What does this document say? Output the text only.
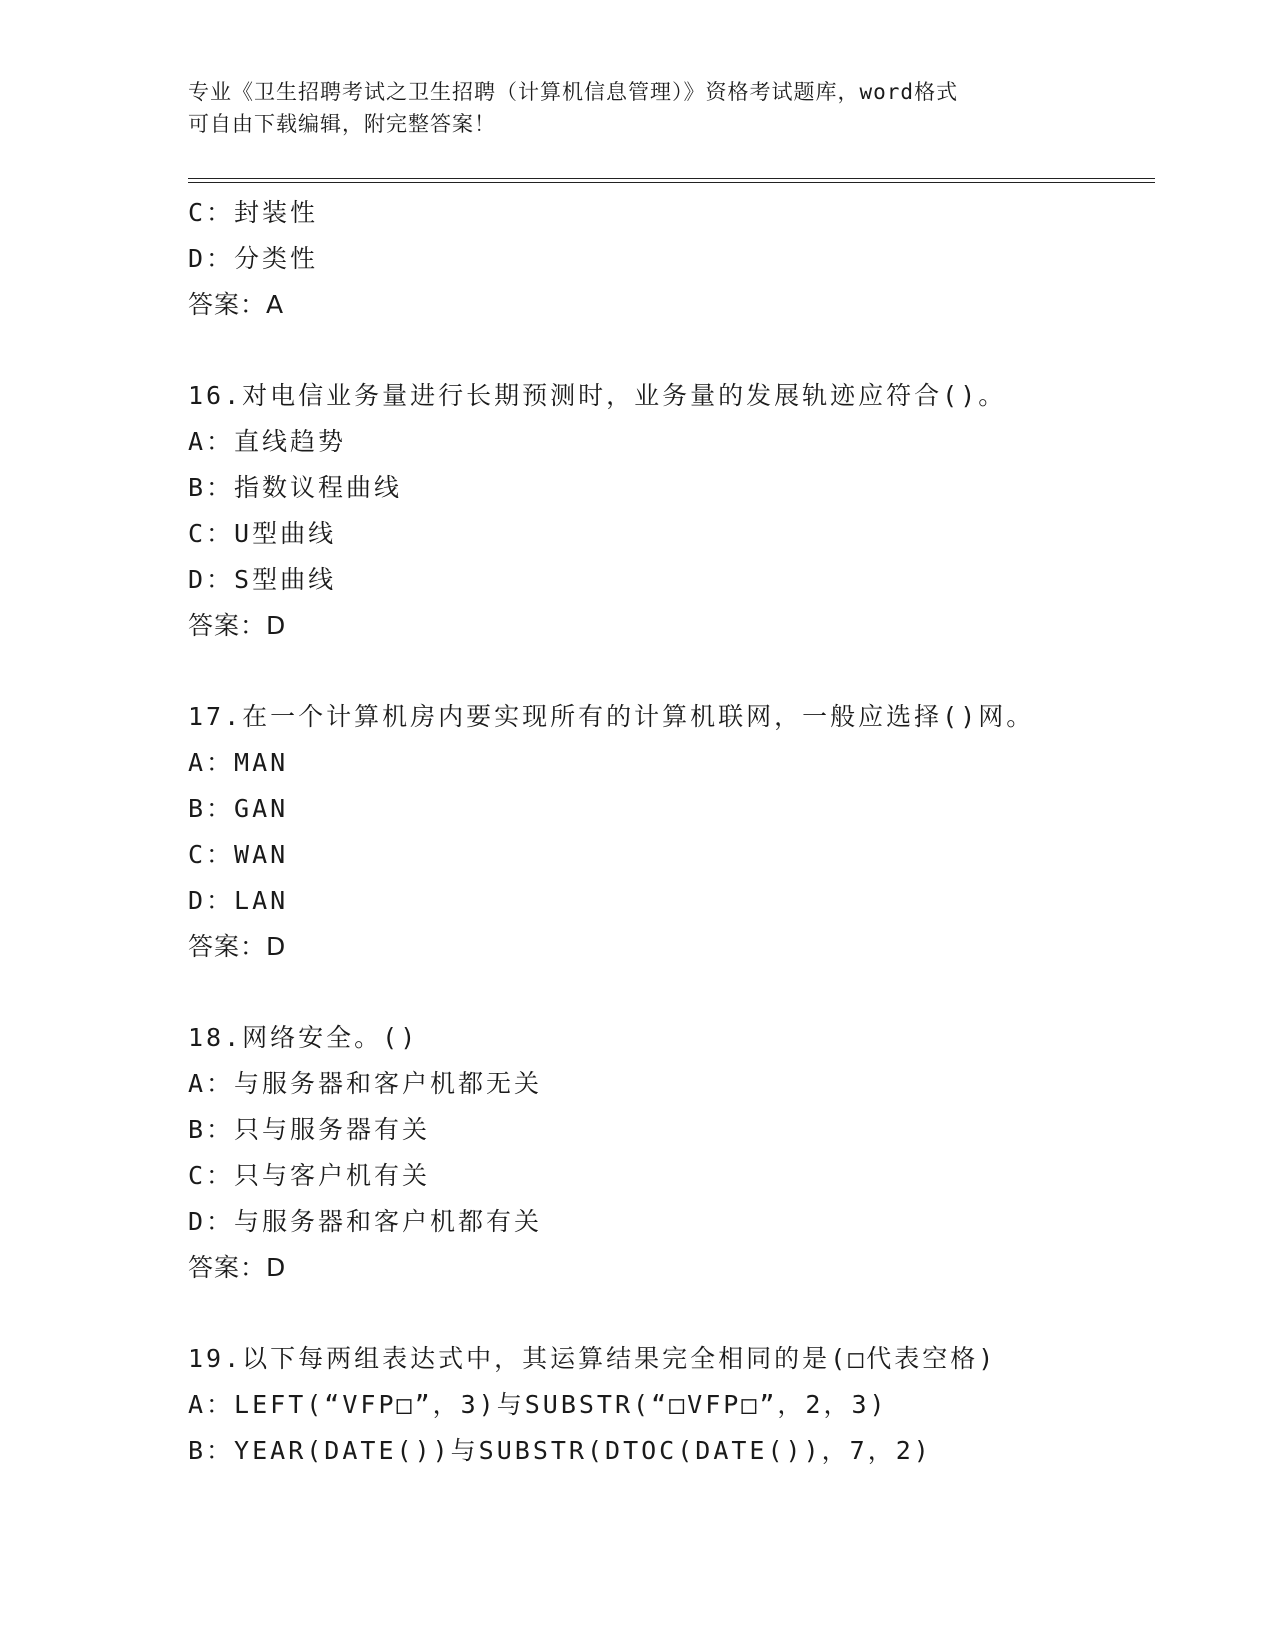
专业《卫生招聘考试之卫生招聘（计算机信息管理）》资格考试题库，word格式
可自由下载编辑，附完整答案！
C：封装性
D：分类性
答案：A
16.对电信业务量进行长期预测时，业务量的发展轨迹应符合()。
A：直线趋势
B：指数议程曲线
C：U型曲线
D：S型曲线
答案：D
17.在一个计算机房内要实现所有的计算机联网，一般应选择()网。
A：MAN
B：GAN
C：WAN
D：LAN
答案：D
18.网络安全。()
A：与服务器和客户机都无关
B：只与服务器有关
C：只与客户机有关
D：与服务器和客户机都有关
答案：D
19.以下每两组表达式中，其运算结果完全相同的是(□代表空格)
A：LEFT(“VFP□”，3)与SUBSTR(“□VFP□”，2，3)
B：YEAR(DATE())与SUBSTR(DTOC(DATE())，7，2)
